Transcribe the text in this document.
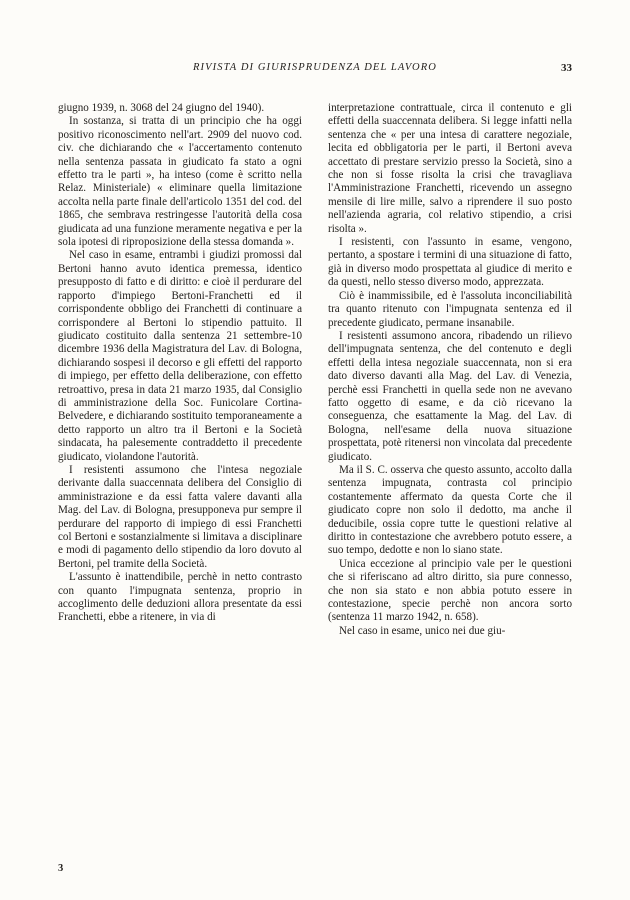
RIVISTA DI GIURISPRUDENZA DEL LAVORO	33

giugno 1939, n. 3068 del 24 giugno del 1940).

In sostanza, si tratta di un principio che ha oggi positivo riconoscimento nell'art. 2909 del nuovo cod. civ. che dichiarando che « l'accertamento contenuto nella sentenza passata in giudicato fa stato a ogni effetto tra le parti », ha inteso (come è scritto nella Relaz. Ministeriale) « eliminare quella limitazione accolta nella parte finale dell'articolo 1351 del cod. del 1865, che sembrava restringesse l'autorità della cosa giudicata ad una funzione meramente negativa e per la sola ipotesi di riproposizione della stessa domanda ».

Nel caso in esame, entrambi i giudizi promossi dal Bertoni hanno avuto identica premessa, identico presupposto di fatto e di diritto: e cioè il perdurare del rapporto d'impiego Bertoni-Franchetti ed il corrispondente obbligo dei Franchetti di continuare a corrispondere al Bertoni lo stipendio pattuito. Il giudicato costituito dalla sentenza 21 settembre-10 dicembre 1936 della Magistratura del Lav. di Bologna, dichiarando sospesi il decorso e gli effetti del rapporto di impiego, per effetto della deliberazione, con effetto retroattivo, presa in data 21 marzo 1935, dal Consiglio di amministrazione della Soc. Funicolare Cortina-Belvedere, e dichiarando sostituito temporaneamente a detto rapporto un altro tra il Bertoni e la Società sindacata, ha palesemente contraddetto il precedente giudicato, violandone l'autorità.

I resistenti assumono che l'intesa negoziale derivante dalla suaccennata delibera del Consiglio di amministrazione e da essi fatta valere davanti alla Mag. del Lav. di Bologna, presupponeva pur sempre il perdurare del rapporto di impiego di essi Franchetti col Bertoni e sostanzialmente si limitava a disciplinare e modi di pagamento dello stipendio da loro dovuto al Bertoni, pel tramite della Società.

L'assunto è inattendibile, perchè in netto contrasto con quanto l'impugnata sentenza, proprio in accoglimento delle deduzioni allora presentate da essi Franchetti, ebbe a ritenere, in via di

interpretazione contrattuale, circa il contenuto e gli effetti della suaccennata delibera. Si legge infatti nella sentenza che « per una intesa di carattere negoziale, lecita ed obbligatoria per le parti, il Bertoni aveva accettato di prestare servizio presso la Società, sino a che non si fosse risolta la crisi che travagliava l'Amministrazione Franchetti, ricevendo un assegno mensile di lire mille, salvo a riprendere il suo posto nell'azienda agraria, col relativo stipendio, a crisi risolta ».

I resistenti, con l'assunto in esame, vengono, pertanto, a spostare i termini di una situazione di fatto, già in diverso modo prospettata al giudice di merito e da questi, nello stesso diverso modo, apprezzata.

Ciò è inammissibile, ed è l'assoluta inconciliabilità tra quanto ritenuto con l'impugnata sentenza ed il precedente giudicato, permane insanabile.

I resistenti assumono ancora, ribadendo un rilievo dell'impugnata sentenza, che del contenuto e degli effetti della intesa negoziale suaccennata, non si era dato diverso davanti alla Mag. del Lav. di Venezia, perchè essi Franchetti in quella sede non ne avevano fatto oggetto di esame, e da ciò ricevano la conseguenza, che esattamente la Mag. del Lav. di Bologna, nell'esame della nuova situazione prospettata, potè ritenersi non vincolata dal precedente giudicato.

Ma il S. C. osserva che questo assunto, accolto dalla sentenza impugnata, contrasta col principio costantemente affermato da questa Corte che il giudicato copre non solo il dedotto, ma anche il deducibile, ossia copre tutte le questioni relative al diritto in contestazione che avrebbero potuto essere, a suo tempo, dedotte e non lo siano state.

Unica eccezione al principio vale per le questioni che si riferiscano ad altro diritto, sia pure connesso, che non sia stato e non abbia potuto essere in contestazione, specie perchè non ancora sorto (sentenza 11 marzo 1942, n. 658).

Nel caso in esame, unico nei due giu-

3
